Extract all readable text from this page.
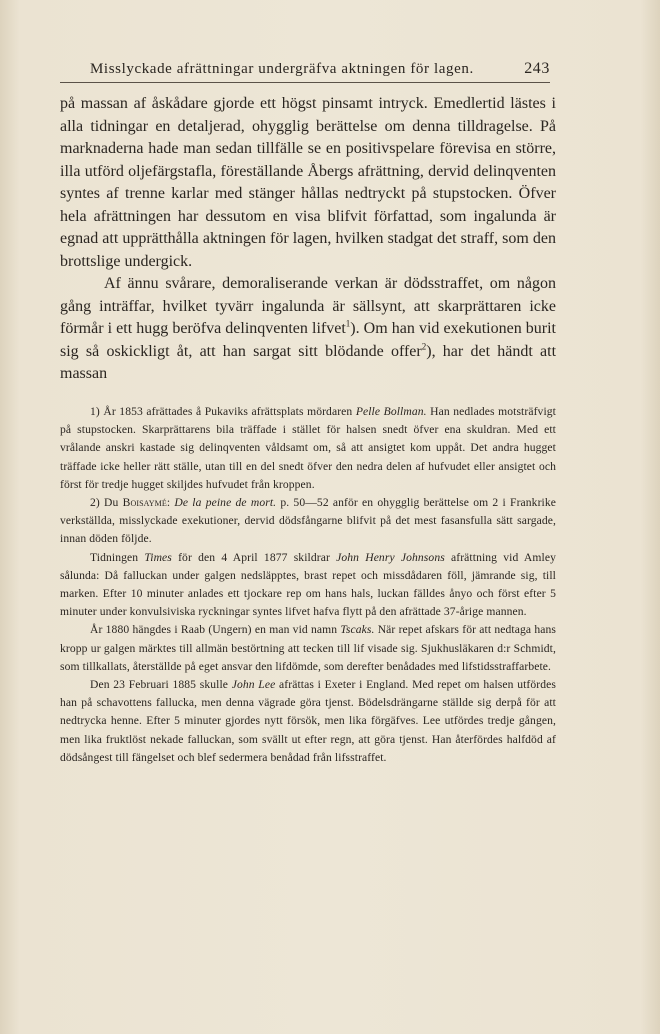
Misslyckade afrättningar undergräfva aktningen för lagen.	243

på massan af åskådare gjorde ett högst pinsamt intryck. Emedlertid lästes i alla tidningar en detaljerad, ohygglig berättelse om denna tilldragelse. På marknaderna hade man sedan tillfälle se en positivspelare förevisa en större, illa utförd oljefärgstafla, föreställande Åbergs afrättning, dervid delinqventen syntes af trenne karlar med stänger hållas nedtryckt på stupstocken. Öfver hela afrättningen har dessutom en visa blifvit författad, som ingalunda är egnad att upprätthålla aktningen för lagen, hvilken stadgat det straff, som den brottslige undergick.

Af ännu svårare, demoraliserande verkan är dödsstraffet, om någon gång inträffar, hvilket tyvärr ingalunda är sällsynt, att skarprättaren icke förmår i ett hugg beröfva delinqventen lifvet$^1$). Om han vid exekutionen burit sig så oskickligt åt, att han sargat sitt blödande offer$^2$), har det händt att massan

1) År 1853 afrättades å Pukaviks afrättsplats mördaren Pelle Bollman. Han nedlades motsträfvigt på stupstocken. Skarprättarens bila träffade i stället för halsen snedt öfver ena skuldran. Med ett vrålande anskri kastade sig delinqventen våldsamt om, så att ansigtet kom uppåt. Det andra hugget träffade icke heller rätt ställe, utan till en del snedt öfver den nedra delen af hufvudet eller ansigtet och först för tredje hugget skiljdes hufvudet från kroppen.

2) Du Boisaymé: De la peine de mort. p. 50—52 anför en ohygglig berättelse om 2 i Frankrike verkställda, misslyckade exekutioner, dervid dödsfångarne blifvit på det mest fasansfulla sätt sargade, innan döden följde.

Tidningen Times för den 4 April 1877 skildrar John Henry Johnsons afrättning vid Amley sålunda: Då falluckan under galgen nedsläpptes, brast repet och missdådaren föll, jämrande sig, till marken. Efter 10 minuter anlades ett tjockare rep om hans hals, luckan fälldes ånyo och först efter 5 minuter under konvulsiviska ryckningar syntes lifvet hafva flytt på den afrättade 37-årige mannen.

År 1880 hängdes i Raab (Ungern) en man vid namn Tscaks. När repet afskars för att nedtaga hans kropp ur galgen märktes till allmän bestörtning att tecken till lif visade sig. Sjukhusläkaren d:r Schmidt, som tillkallats, återställde på eget ansvar den lifdömde, som derefter benådades med lifstidsstraffarbete.

Den 23 Februari 1885 skulle John Lee afrättas i Exeter i England. Med repet om halsen utfördes han på schavottens fallucka, men denna vägrade göra tjenst. Bödelsdrängarne ställde sig derpå för att nedtrycka henne. Efter 5 minuter gjordes nytt försök, men lika förgäfves. Lee utfördes tredje gången, men lika fruktlöst nekade falluckan, som svällt ut efter regn, att göra tjenst. Han återfördes halfdöd af dödsångest till fängelset och blef sedermera benådad från lifsstraffet.
